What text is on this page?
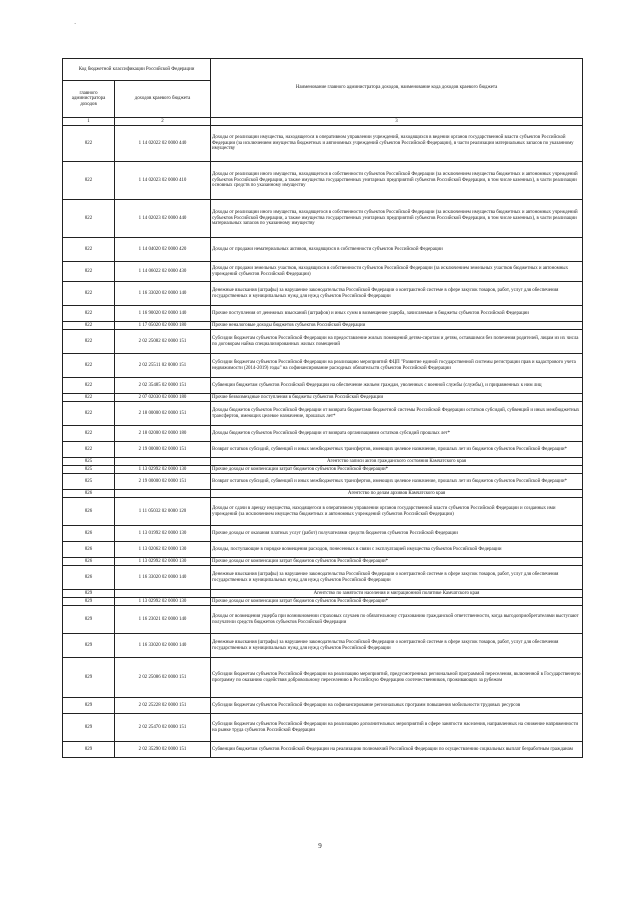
`
Код бюджетной классификации Российской Федерации		Наименование главного администратора доходов, наименование кода доходов краевого бюджета
главного администратора доходов	доходов краевого бюджета	
1	2	3
822	1 14 02022 02 0000 440	Доходы от реализации имущества, находящегося в оперативном управлении учреждений, находящихся в ведении органов государственной власти субъектов Российской Федерации (за исключением имущества бюджетных и автономных учреждений субъектов Российской Федерации), в части реализации материальных запасов по указанному имуществу
822	1 14 02023 02 0000 410	Доходы от реализации иного имущества, находящегося в собственности субъектов Российской Федерации (за исключением имущества бюджетных и автономных учреждений субъектов Российской Федерации, а также имущества государственных унитарных предприятий субъектов Российской Федерации, в том числе казенных), в части реализации основных средств по указанному имуществу
822	1 14 02023 02 0000 440	Доходы от реализации иного имущества, находящегося в собственности субъектов Российской Федерации (за исключением имущества бюджетных и автономных учреждений субъектов Российской Федерации, а также имущества государственных унитарных предприятий субъектов Российской Федерации, в том числе казенных), в части реализации материальных запасов по указанному имуществу
822	1 14 04020 02 0000 420	Доходы от продажи нематериальных активов, находящихся в собственности субъектов Российской Федерации
822	1 14 06022 02 0000 430	Доходы от продажи земельных участков, находящихся в собственности субъектов Российской Федерации (за исключением земельных участков бюджетных и автономных учреждений субъектов Российской Федерации)
822	1 16 33020 02 0000 140	Денежные взыскания (штрафы) за нарушение законодательства Российской Федерации о контрактной системе в сфере закупок товаров, работ, услуг для обеспечения государственных и муниципальных нужд для нужд субъектов Российской Федерации
822	1 16 90020 02 0000 140	Прочие поступления от денежных взысканий (штрафов) и иных сумм в возмещение ущерба, зачисляемые в бюджеты субъектов Российской Федерации
822	1 17 05020 02 0000 180	Прочие неналоговые доходы бюджетов субъектов Российской Федерации
822	2 02 25082 02 0000 151	Субсидии бюджетам субъектов Российской Федерации на предоставление жилых помещений детям-сиротам и детям, оставшимся без попечения родителей, лицам из их числа по договорам найма специализированных жилых помещений
822	2 02 25511 02 0000 151	Субсидии бюджетам субъектов Российской Федерации на реализацию мероприятий ФЦП "Развитие единой государственной системы регистрации прав и кадастрового учета недвижимости (2014-2019) годы" на софинансирование расходных обязательств субъектов Российской Федерации
822	2 02 35485 02 0000 151	Субвенции бюджетам субъектов Российской Федерации на обеспечение жильем граждан, уволенных с военной службы (службы), и приравненных к ним лиц
822	2 07 02030 02 0000 180	Прочие безвозмездные поступления в бюджеты субъектов Российской Федерации
822	2 18 00000 02 0000 151	Доходы бюджетов субъектов Российской Федерации от возврата бюджетами бюджетной системы Российской Федерации остатков субсидий, субвенций и иных межбюджетных трансфертов, имеющих целевое назначение, прошлых лет*
822	2 18 02000 02 0000 180	Доходы бюджетов субъектов Российской Федерации от возврата организациями остатков субсидий прошлых лет*
822	2 19 00000 02 0000 151	Возврат остатков субсидий, субвенций и иных межбюджетных трансфертов, имеющих целевое назначение, прошлых лет из бюджетов субъектов Российской Федерации*
825		Агентство записи актов гражданского состояния Камчатского края
825	1 13 02992 02 0000 130	Прочие доходы от компенсации затрат бюджетов субъектов Российской Федерации*
825	2 19 00000 02 0000 151	Возврат остатков субсидий, субвенций и иных межбюджетных трансфертов, имеющих целевое назначение, прошлых лет из бюджетов субъектов Российской Федерации*
826		Агентство по делам архивов Камчатского края
826	1 11 05032 02 0000 120	Доходы от сдачи в аренду имущества, находящегося в оперативном управлении органов государственной власти субъектов Российской Федерации и созданных ими учреждений (за исключением имущества бюджетных и автономных учреждений субъектов Российской Федерации)
826	1 13 01992 02 0000 130	Прочие доходы от оказания платных услуг (работ) получателями средств бюджетов субъектов Российской Федерации
826	1 13 02062 02 0000 130	Доходы, поступающие в порядке возмещения расходов, понесенных в связи с эксплуатацией имущества субъектов Российской Федерации
826	1 13 02992 02 0000 130	Прочие доходы от компенсации затрат бюджетов субъектов Российской Федерации*
826	1 16 33020 02 0000 140	Денежные взыскания (штрафы) за нарушение законодательства Российской Федерации о контрактной системе в сфере закупок товаров, работ, услуг для обеспечения государственных и муниципальных нужд для нужд субъектов Российской Федерации
829		Агентство по занятости населения и миграционной политике Камчатского края
829	1 13 02992 02 0000 130	Прочие доходы от компенсации затрат бюджетов субъектов Российской Федерации*
829	1 16 23021 02 0000 140	Доходы от возмещения ущерба при возникновении страховых случаев по обязательному страхованию гражданской ответственности, когда выгодоприобретателями выступают получатели средств бюджетов субъектов Российской Федерации
829	1 16 33020 02 0000 140	Денежные взыскания (штрафы) за нарушение законодательства Российской Федерации о контрактной системе в сфере закупок товаров, работ, услуг для обеспечения государственных и муниципальных нужд для нужд субъектов Российской Федерации
829	2 02 25086 02 0000 151	Субсидии бюджетам субъектов Российской Федерации на реализацию мероприятий, предусмотренных региональной программой переселения, включенной в Государственную программу по оказанию содействия добровольному переселению в Российскую Федерацию соотечественников, проживающих за рубежом
829	2 02 25228 02 0000 151	Субсидии бюджетам субъектов Российской Федерации на софинансирование региональных программ повышения мобильности трудовых ресурсов
829	2 02 25470 02 0000 151	Субсидии бюджетам субъектов Российской Федерации на реализацию дополнительных мероприятий в сфере занятости населения, направленных на снижение напряженности на рынке труда субъектов Российской Федерации
829	2 02 35290 02 0000 151	Субвенции бюджетам субъектов Российской Федерации на реализацию полномочий Российской Федерации по осуществлению социальных выплат безработным гражданам
9
